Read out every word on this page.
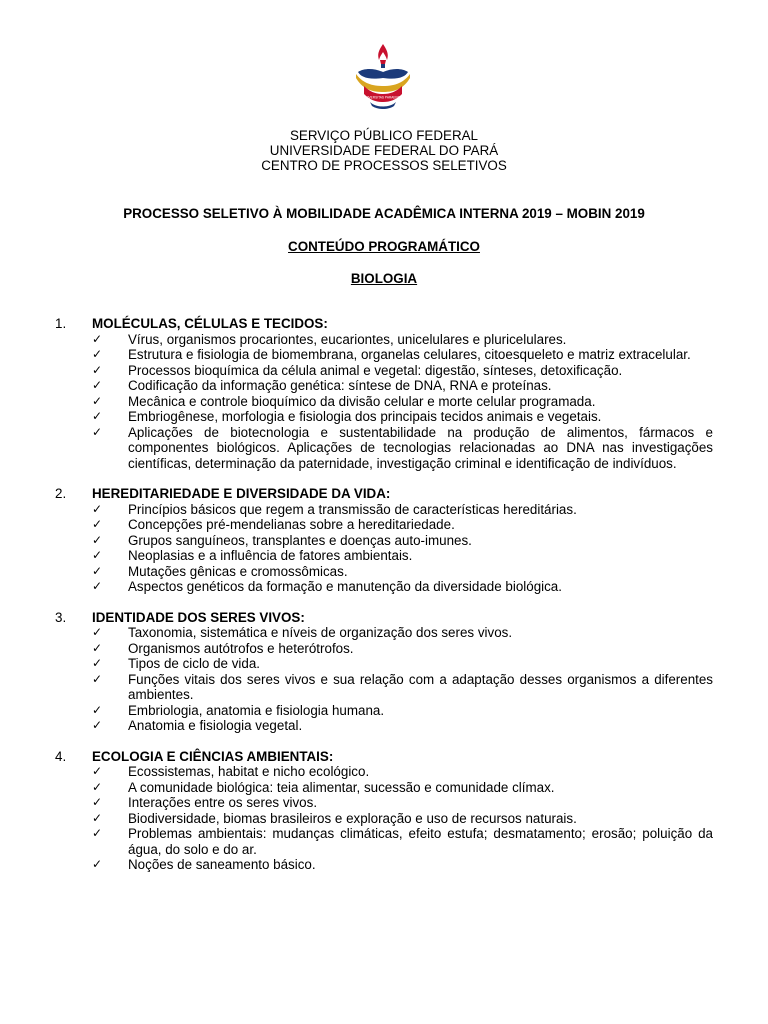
UNIVERSITAS PARAENSIS
SERVIÇO PÚBLICO FEDERAL
UNIVERSIDADE FEDERAL DO PARÁ
CENTRO DE PROCESSOS SELETIVOS
PROCESSO SELETIVO À MOBILIDADE ACADÊMICA INTERNA 2019 – MOBIN 2019
CONTEÚDO PROGRAMÁTICO
BIOLOGIA
1. MOLÉCULAS, CÉLULAS E TECIDOS:
✓ Vírus, organismos procariontes, eucariontes, unicelulares e pluricelulares.
✓ Estrutura e fisiologia de biomembrana, organelas celulares, citoesqueleto e matriz extracelular.
✓ Processos bioquímica da célula animal e vegetal: digestão, sínteses, detoxificação.
✓ Codificação da informação genética: síntese de DNA, RNA e proteínas.
✓ Mecânica e controle bioquímico da divisão celular e morte celular programada.
✓ Embriogênese, morfologia e fisiologia dos principais tecidos animais e vegetais.
✓ Aplicações de biotecnologia e sustentabilidade na produção de alimentos, fármacos e componentes biológicos. Aplicações de tecnologias relacionadas ao DNA nas investigações científicas, determinação da paternidade, investigação criminal e identificação de indivíduos.
2. HEREDITARIEDADE E DIVERSIDADE DA VIDA:
✓ Princípios básicos que regem a transmissão de características hereditárias.
✓ Concepções pré-mendelianas sobre a hereditariedade.
✓ Grupos sanguíneos, transplantes e doenças auto-imunes.
✓ Neoplasias e a influência de fatores ambientais.
✓ Mutações gênicas e cromossômicas.
✓ Aspectos genéticos da formação e manutenção da diversidade biológica.
3. IDENTIDADE DOS SERES VIVOS:
✓ Taxonomia, sistemática e níveis de organização dos seres vivos.
✓ Organismos autótrofos e heterótrofos.
✓ Tipos de ciclo de vida.
✓ Funções vitais dos seres vivos e sua relação com a adaptação desses organismos a diferentes ambientes.
✓ Embriologia, anatomia e fisiologia humana.
✓ Anatomia e fisiologia vegetal.
4. ECOLOGIA E CIÊNCIAS AMBIENTAIS:
✓ Ecossistemas, habitat e nicho ecológico.
✓ A comunidade biológica: teia alimentar, sucessão e comunidade clímax.
✓ Interações entre os seres vivos.
✓ Biodiversidade, biomas brasileiros e exploração e uso de recursos naturais.
✓ Problemas ambientais: mudanças climáticas, efeito estufa; desmatamento; erosão; poluição da água, do solo e do ar.
✓ Noções de saneamento básico.
